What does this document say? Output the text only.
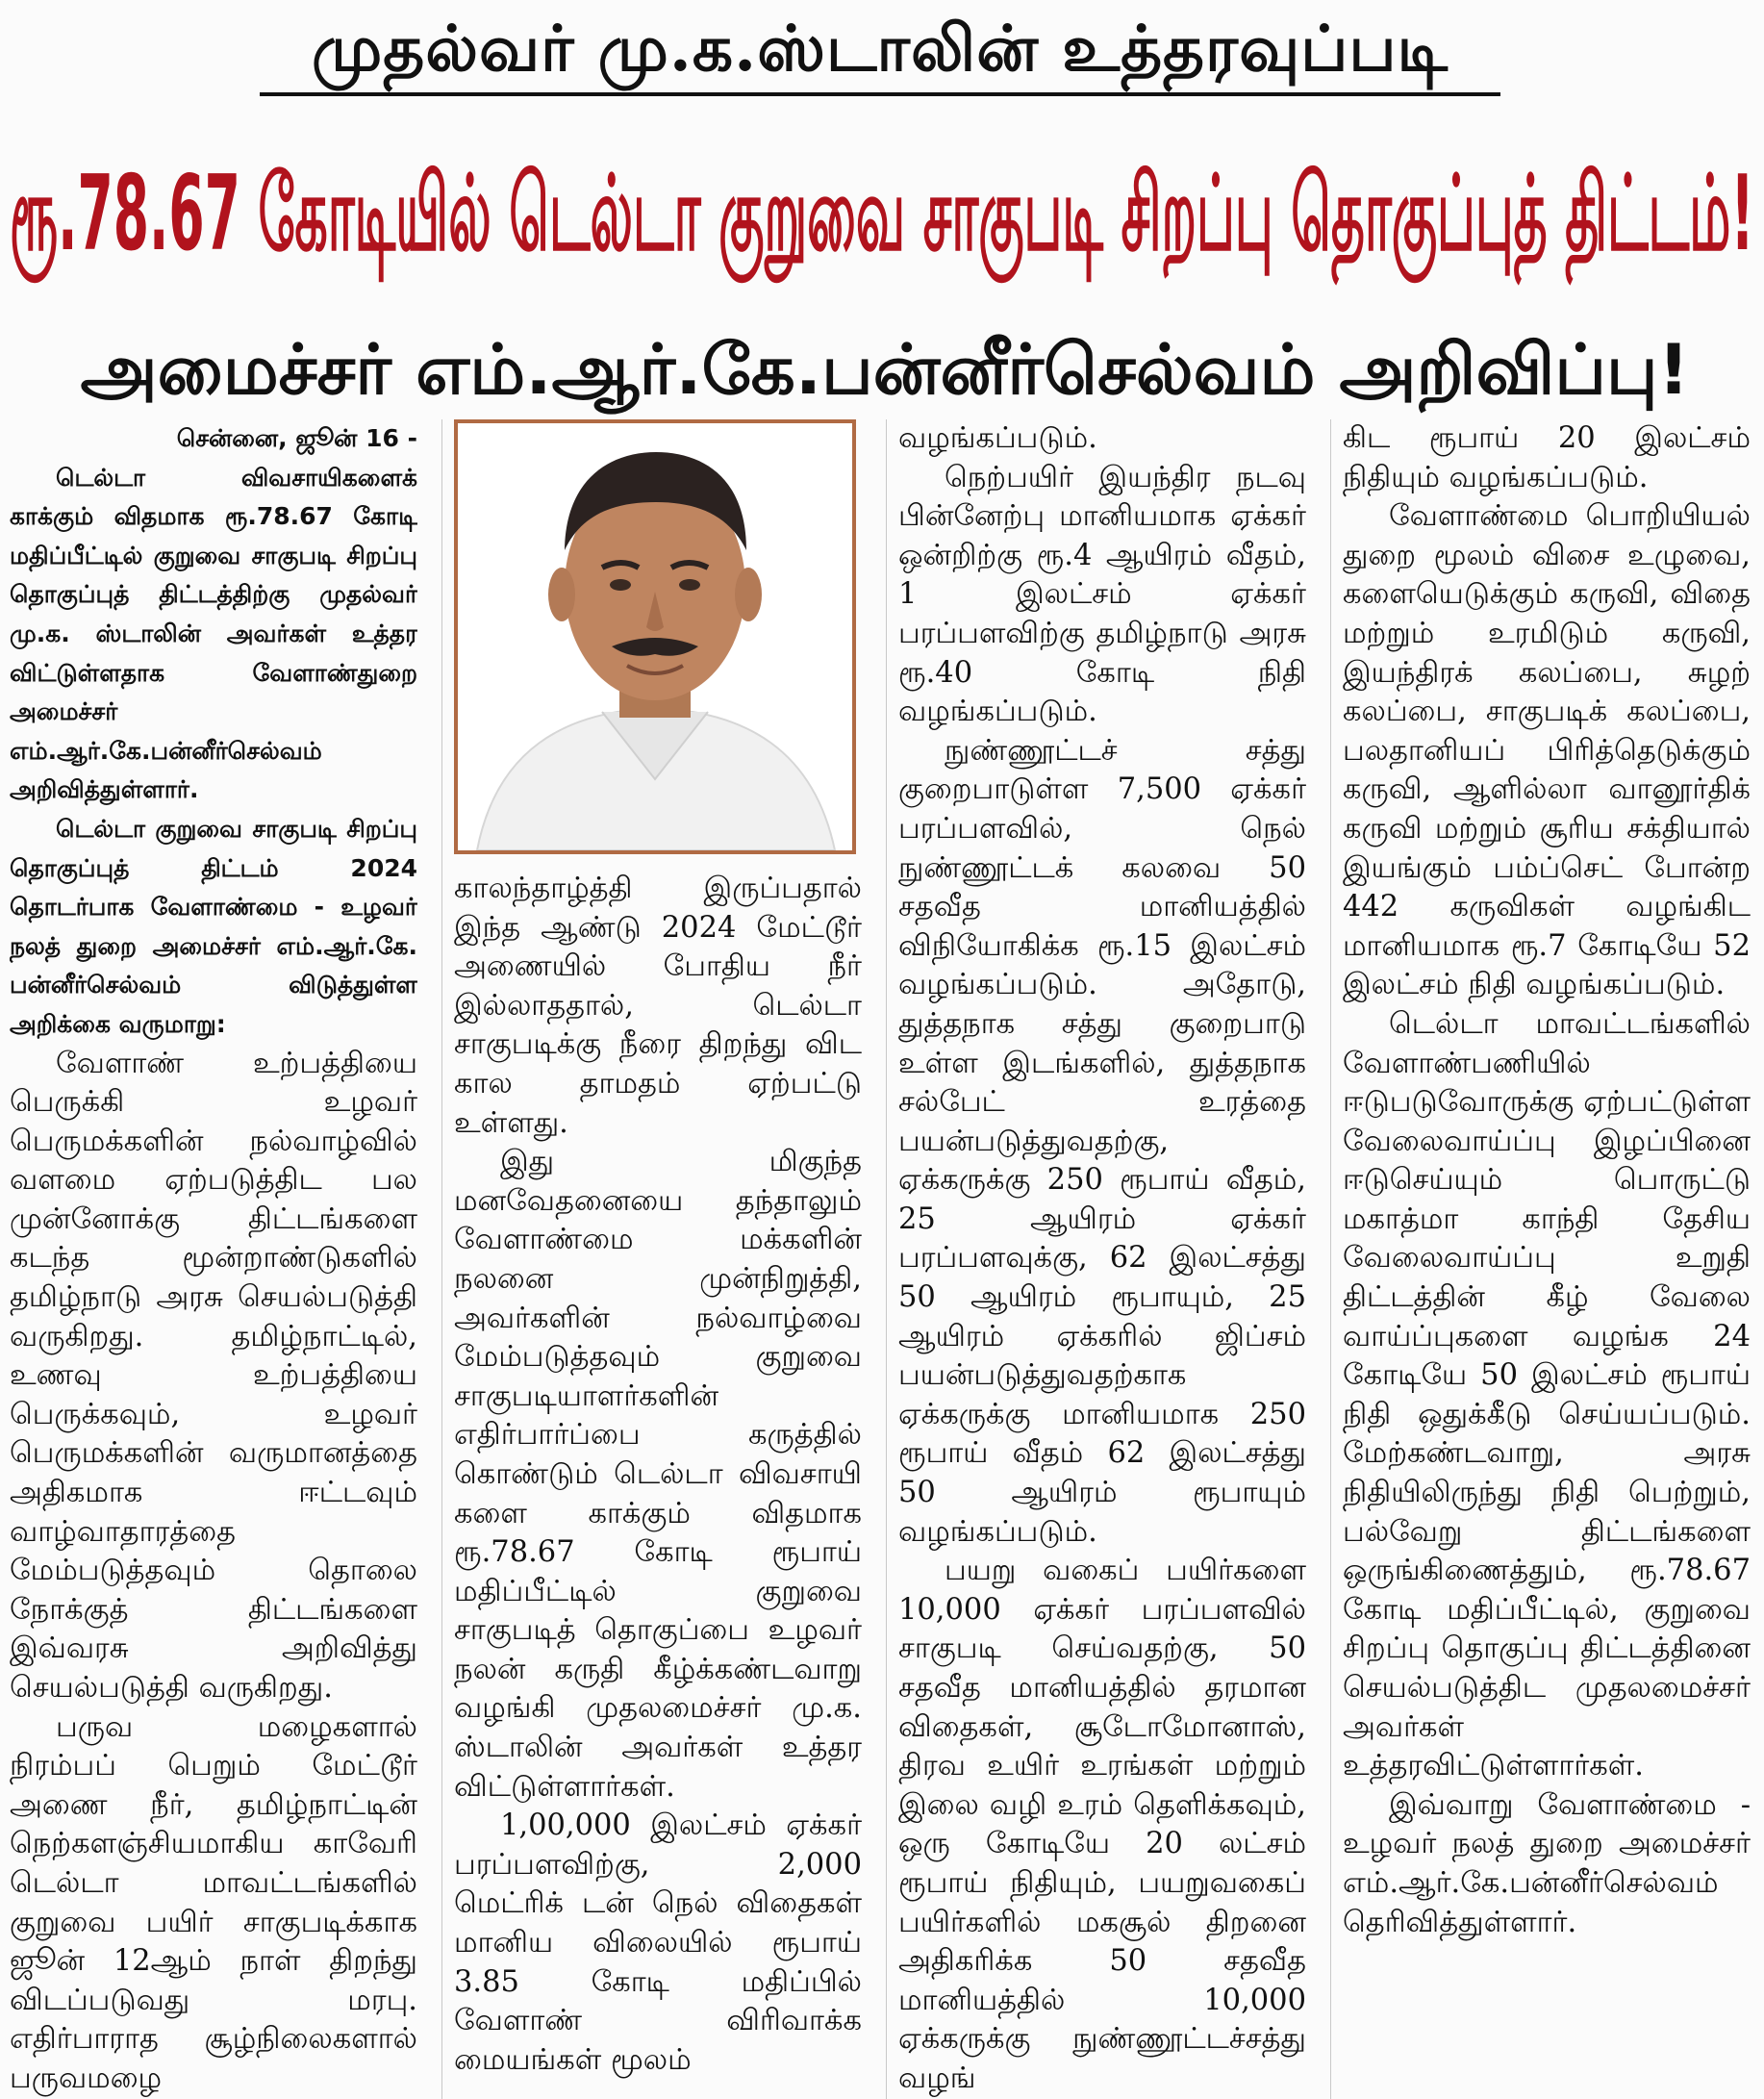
முதல்வர் மு.க.ஸ்டாலின் உத்தரவுப்படி
ரூ.78.67 கோடியில் டெல்டா குறுவை சாகுபடி சிறப்பு தொகுப்புத் திட்டம்!
அமைச்சர் எம்.ஆர்.கே.பன்னீர்செல்வம் அறிவிப்பு!

சென்னை, ஜூன் 16 -

டெல்டா விவசாயிகளைக் காக்கும் விதமாக ரூ.78.67 கோடி மதிப்பீட்டில் குறுவை சாகுபடி சிறப்பு தொகுப்புத் திட்டத்திற்கு முதல்வர் மு.க. ஸ்டாலின் அவர்கள் உத்தர விட்டுள்ளதாக வேளாண்துறை அமைச்சர் எம்.ஆர்.கே.பன்னீர்செல்வம் அறிவித்துள்ளார்.

டெல்டா குறுவை சாகுபடி சிறப்பு தொகுப்புத் திட்டம் 2024 தொடர்பாக வேளாண்மை - உழவர் நலத் துறை அமைச்சர் எம்.ஆர்.கே. பன்னீர்செல்வம் விடுத்துள்ள அறிக்கை வருமாறு:

வேளாண் உற்பத்தியை பெருக்கி உழவர் பெருமக்களின் நல்வாழ்வில் வளமை ஏற்படுத்திட பல முன்னோக்கு திட்டங்களை கடந்த மூன்றாண்டுகளில் தமிழ்நாடு அரசு செயல்படுத்தி வருகிறது. தமிழ்நாட்டில், உணவு உற்பத்தியை பெருக்கவும், உழவர் பெருமக்களின் வருமானத்தை அதிகமாக ஈட்டவும் வாழ்வாதாரத்தை மேம்படுத்தவும் தொலை நோக்குத் திட்டங்களை இவ்வரசு அறிவித்து செயல்படுத்தி வருகிறது.

பருவ மழைகளால் நிரம்பப் பெறும் மேட்டூர் அணை நீர், தமிழ்நாட்டின் நெற்களஞ்சியமாகிய காவேரி டெல்டா மாவட்டங்களில் குறுவை பயிர் சாகுபடிக்காக ஜூன் 12ஆம் நாள் திறந்து விடப்படுவது மரபு. எதிர்பாராத சூழ்நிலைகளால் பருவமழை

காலந்தாழ்த்தி இருப்பதால் இந்த ஆண்டு 2024 மேட்டூர் அணையில் போதிய நீர் இல்லாததால், டெல்டா சாகுபடிக்கு நீரை திறந்து விட கால தாமதம் ஏற்பட்டு உள்ளது.

இது மிகுந்த மனவேதனையை தந்தாலும் வேளாண்மை மக்களின் நலனை முன்நிறுத்தி, அவர்களின் நல்வாழ்வை மேம்படுத்தவும் குறுவை சாகுபடியாளர்களின் எதிர்பார்ப்பை கருத்தில் கொண்டும் டெல்டா விவசாயி களை காக்கும் விதமாக ரூ.78.67 கோடி ரூபாய் மதிப்பீட்டில் குறுவை சாகுபடித் தொகுப்பை உழவர் நலன் கருதி கீழ்க்கண்டவாறு வழங்கி முதலமைச்சர் மு.க. ஸ்டாலின் அவர்கள் உத்தர விட்டுள்ளார்கள்.

1,00,000 இலட்சம் ஏக்கர் பரப்பளவிற்கு, 2,000 மெட்ரிக் டன் நெல் விதைகள் மானிய விலையில் ரூபாய் 3.85 கோடி மதிப்பில் வேளாண் விரிவாக்க மையங்கள் மூலம்

வழங்கப்படும்.

நெற்பயிர் இயந்திர நடவு பின்னேற்பு மானியமாக ஏக்கர் ஒன்றிற்கு ரூ.4 ஆயிரம் வீதம், 1 இலட்சம் ஏக்கர் பரப்பளவிற்கு தமிழ்நாடு அரசு ரூ.40 கோடி நிதி வழங்கப்படும்.

நுண்ணூட்டச் சத்து குறைபாடுள்ள 7,500 ஏக்கர் பரப்பளவில், நெல் நுண்ணூட்டக் கலவை 50 சதவீத மானியத்தில் விநியோகிக்க ரூ.15 இலட்சம் வழங்கப்படும். அதோடு, துத்தநாக சத்து குறைபாடு உள்ள இடங்களில், துத்தநாக சல்பேட் உரத்தை பயன்படுத்துவதற்கு, ஏக்கருக்கு 250 ரூபாய் வீதம், 25 ஆயிரம் ஏக்கர் பரப்பளவுக்கு, 62 இலட்சத்து 50 ஆயிரம் ரூபாயும், 25 ஆயிரம் ஏக்கரில் ஜிப்சம் பயன்படுத்துவதற்காக ஏக்கருக்கு மானியமாக 250 ரூபாய் வீதம் 62 இலட்சத்து 50 ஆயிரம் ரூபாயும் வழங்கப்படும்.

பயறு வகைப் பயிர்களை 10,000 ஏக்கர் பரப்பளவில் சாகுபடி செய்வதற்கு, 50 சதவீத மானியத்தில் தரமான விதைகள், சூடோமோனாஸ், திரவ உயிர் உரங்கள் மற்றும் இலை வழி உரம் தெளிக்கவும், ஒரு கோடியே 20 லட்சம் ரூபாய் நிதியும், பயறுவகைப் பயிர்களில் மகசூல் திறனை அதிகரிக்க 50 சதவீத மானியத்தில் 10,000 ஏக்கருக்கு நுண்ணூட்டச்சத்து வழங்

கிட ரூபாய் 20 இலட்சம் நிதியும் வழங்கப்படும்.

வேளாண்மை பொறியியல் துறை மூலம் விசை உழுவை, களையெடுக்கும் கருவி, விதை மற்றும் உரமிடும் கருவி, இயந்திரக் கலப்பை, சுழற் கலப்பை, சாகுபடிக் கலப்பை, பலதானியப் பிரித்தெடுக்கும் கருவி, ஆளில்லா வானூர்திக் கருவி மற்றும் சூரிய சக்தியால் இயங்கும் பம்ப்செட் போன்ற 442 கருவிகள் வழங்கிட மானியமாக ரூ.7 கோடியே 52 இலட்சம் நிதி வழங்கப்படும்.

டெல்டா மாவட்டங்களில் வேளாண்பணியில் ஈடுபடுவோருக்கு ஏற்பட்டுள்ள வேலைவாய்ப்பு இழப்பினை ஈடுசெய்யும் பொருட்டு மகாத்மா காந்தி தேசிய வேலைவாய்ப்பு உறுதி திட்டத்தின் கீழ் வேலை வாய்ப்புகளை வழங்க 24 கோடியே 50 இலட்சம் ரூபாய் நிதி ஒதுக்கீடு செய்யப்படும். மேற்கண்டவாறு, அரசு நிதியிலிருந்து நிதி பெற்றும், பல்வேறு திட்டங்களை ஒருங்கிணைத்தும், ரூ.78.67 கோடி மதிப்பீட்டில், குறுவை சிறப்பு தொகுப்பு திட்டத்தினை செயல்படுத்திட முதலமைச்சர் அவர்கள் உத்தரவிட்டுள்ளார்கள்.

இவ்வாறு வேளாண்மை - உழவர் நலத் துறை அமைச்சர் எம்.ஆர்.கே.பன்னீர்செல்வம் தெரிவித்துள்ளார்.
